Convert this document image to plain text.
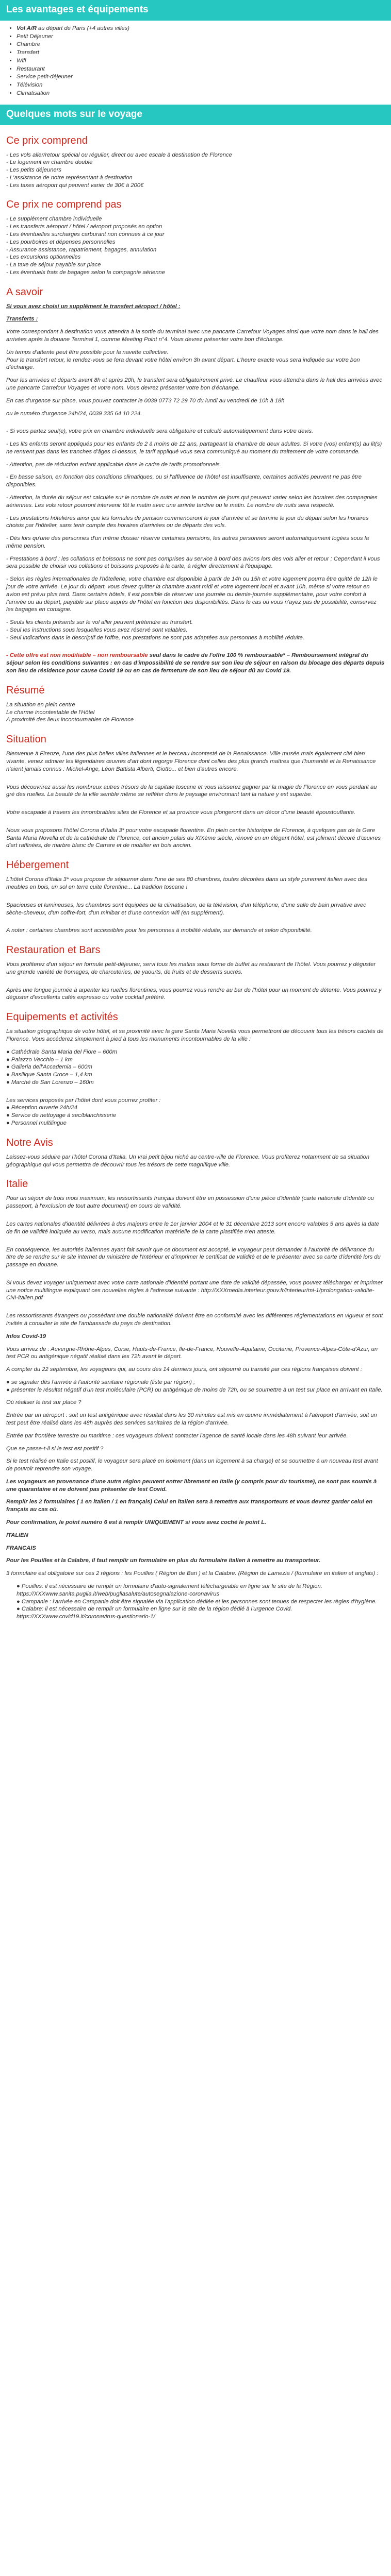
Les avantages et équipements
• Vol A/R au départ de Paris (+4 autres villes)
• Petit Déjeuner
• Chambre
• Transfert
• Wifi
• Restaurant
• Service petit-déjeuner
• Télévision
• Climatisation
Quelques mots sur le voyage
Ce prix comprend
- Les vols aller/retour spécial ou régulier, direct ou avec escale à destination de Florence
- Le logement en chambre double
- Les petits déjeuners
- L'assistance de notre représentant à destination
- Les taxes aéroport qui peuvent varier de 30€ à 200€
Ce prix ne comprend pas
- Le supplément chambre individuelle
- Les transferts aéroport / hôtel / aéroport proposés en option
- Les éventuelles surcharges carburant non connues à ce jour
- Les pourboires et dépenses personnelles
- Assurance assistance, rapatriement, bagages, annulation
- Les excursions optionnelles
- La taxe de séjour payable sur place
- Les éventuels frais de bagages selon la compagnie aérienne
A savoir

Si vous avez choisi un supplément le transfert aéroport / hôtel :

Transferts :

Votre correspondant à destination vous attendra à la sortie du terminal avec une pancarte Carrefour Voyages ainsi que votre nom dans le hall des arrivées après la douane Terminal 1, comme Meeting Point n°4. Vous devrez présenter votre bon d'échange.

Un temps d'attente peut être possible pour la navette collective.
Pour le transfert retour, le rendez-vous se fera devant votre hôtel environ 3h avant départ. L'heure exacte vous sera indiquée sur votre bon d'échange.

Pour les arrivées et départs avant 8h et après 20h, le transfert sera obligatoirement privé. Le chauffeur vous attendra dans le hall des arrivées avec une pancarte Carrefour Voyages et votre nom. Vous devrez présenter votre bon d'échange.

En cas d'urgence sur place, vous pouvez contacter le 0039 0773 72 29 70 du lundi au vendredi de 10h à 18h

ou le numéro d'urgence 24h/24, 0039 335 64 10 224.

- Si vous partez seul(e), votre prix en chambre individuelle sera obligatoire et calculé automatiquement dans votre devis.

- Les lits enfants seront appliqués pour les enfants de 2 à moins de 12 ans, partageant la chambre de deux adultes. Si votre (vos) enfant(s) au lit(s) ne rentrent pas dans les tranches d'âges ci-dessus, le tarif appliqué vous sera communiqué au moment du traitement de votre commande.

- Attention, pas de réduction enfant applicable dans le cadre de tarifs promotionnels.

- En basse saison, en fonction des conditions climatiques, ou si l'affluence de l'hôtel est insuffisante, certaines activités peuvent ne pas être disponibles.

- Attention, la durée du séjour est calculée sur le nombre de nuits et non le nombre de jours qui peuvent varier selon les horaires des compagnies aériennes. Les vols retour pourront intervenir tôt le matin avec une arrivée tardive ou le matin. Le nombre de nuits sera respecté.

- Les prestations hôtelières ainsi que les formules de pension commenceront le jour d'arrivée et se termine le jour du départ selon les horaires choisis par l'hôtelier, sans tenir compte des horaires d'arrivées ou de départs des vols.

- Dès lors qu'une des personnes d'un même dossier réserve certaines pensions, les autres personnes seront automatiquement logées sous la même pension.

- Prestations à bord : les collations et boissons ne sont pas comprises au service à bord des avions lors des vols aller et retour ; Cependant il vous sera possible de choisir vos collations et boissons proposés à la carte, à régler directement à l'équipage.

- Selon les règles internationales de l'hôtellerie, votre chambre est disponible à partir de 14h ou 15h et votre logement pourra être quitté de 12h le jour de votre arrivée. Le jour du départ, vous devez quitter la chambre avant midi et votre logement local et avant 10h, même si votre retour en avion est prévu plus tard. Dans certains hôtels, il est possible de réserver une journée ou demie-journée supplémentaire, pour votre confort à l'arrivée ou au départ, payable sur place auprès de l'hôtel en fonction des disponibilités. Dans le cas où vous n'ayez pas de possibilité, conservez les bagages en consigne.

- Seuls les clients présents sur le vol aller peuvent prétendre au transfert.
- Seul les instructions sous lesquelles vous avez réservé sont valables.
- Seul indications dans le descriptif de l'offre, nos prestations ne sont pas adaptées aux personnes à mobilité réduite.

- Cette offre est non modifiable – non remboursable seul dans le cadre de l'offre 100 % remboursable* – Remboursement intégral du séjour selon les conditions suivantes : en cas d'impossibilité de se rendre sur son lieu de séjour en raison du blocage des départs depuis son lieu de résidence pour cause Covid 19 ou en cas de fermeture de son lieu de séjour dû au Covid 19.

Résumé
La situation en plein centre
Le charme incontestable de l'Hôtel
A proximité des lieux incontournables de Florence
Situation

Bienvenue à Firenze, l'une des plus belles villes italiennes et le berceau incontesté de la Renaissance. Ville musée mais également cité bien vivante, venez admirer les légendaires œuvres d'art dont regorge Florence dont celles des plus grands maîtres que l'humanité et la Renaissance n'aient jamais connus : Michel-Ange, Léon Battista Alberti, Giotto... et bien d'autres encore.

Vous découvrirez aussi les nombreux autres trésors de la capitale toscane et vous laisserez gagner par la magie de Florence en vous perdant au gré des ruelles. La beauté de la ville semble même se refléter dans le paysage environnant tant la nature y est superbe.

Votre escapade à travers les innombrables sites de Florence et sa province vous plongeront dans un décor d'une beauté époustouflante.

Nous vous proposons l'hôtel Corona d'Italia 3* pour votre escapade florentine. En plein centre historique de Florence, à quelques pas de la Gare Santa Maria Novella et de la cathédrale de Florence, cet ancien palais du XIXème siècle, rénové en un élégant hôtel, est joliment décoré d'œuvres d'art raffinées, de marbre blanc de Carrare et de mobilier en bois ancien.

Hébergement

L'hôtel Corona d'Italia 3* vous propose de séjourner dans l'une de ses 80 chambres, toutes décorées dans un style purement italien avec des meubles en bois, un sol en terre cuite florentine... La tradition toscane !

Spacieuses et lumineuses, les chambres sont équipées de la climatisation, de la télévision, d'un téléphone, d'une salle de bain privative avec sèche-cheveux, d'un coffre-fort, d'un minibar et d'une connexion wifi (en supplément).

A noter : certaines chambres sont accessibles pour les personnes à mobilité réduite, sur demande et selon disponibilité.

Restauration et Bars

Vous profiterez d'un séjour en formule petit-déjeuner, servi tous les matins sous forme de buffet au restaurant de l'hôtel. Vous pourrez y déguster une grande variété de fromages, de charcuteries, de yaourts, de fruits et de desserts sucrés.

Après une longue journée à arpenter les ruelles florentines, vous pourrez vous rendre au bar de l'hôtel pour un moment de détente. Vous pourrez y déguster d'excellents cafés expresso ou votre cocktail préféré.

Equipements et activités

La situation géographique de votre hôtel, et sa proximité avec la gare Santa Maria Novella vous permettront de découvrir tous les trésors cachés de Florence. Vous accéderez simplement à pied à tous les monuments incontournables de la ville :

● Cathédrale Santa Maria del Fiore – 600m
● Palazzo Vecchio – 1 km
● Galleria dell'Accademia – 600m
● Basilique Santa Croce – 1,4 km
● Marché de San Lorenzo – 160m

Les services proposés par l'hôtel dont vous pourrez profiter :
● Réception ouverte 24h/24
● Service de nettoyage à sec/blanchisserie
● Personnel multilingue

Notre Avis

Laissez-vous séduire par l'hôtel Corona d'Italia. Un vrai petit bijou niché au centre-ville de Florence. Vous profiterez notamment de sa situation géographique qui vous permettra de découvrir tous les trésors de cette magnifique ville.

Italie

Pour un séjour de trois mois maximum, les ressortissants français doivent être en possession d'une pièce d'identité (carte nationale d'identité ou passeport, à l'exclusion de tout autre document) en cours de validité.

Les cartes nationales d'identité délivrées à des majeurs entre le 1er janvier 2004 et le 31 décembre 2013 sont encore valables 5 ans après la date de fin de validité indiquée au verso, mais aucune modification matérielle de la carte plastifiée n'en atteste.

En conséquence, les autorités italiennes ayant fait savoir que ce document est accepté, le voyageur peut demander à l'autorité de délivrance du titre de se rendre sur le site internet du ministère de l'Intérieur et d'imprimer le certificat de validité et de le présenter avec sa carte d'identité lors du passage en douane.

Si vous devez voyager uniquement avec votre carte nationale d'identité portant une date de validité dépassée, vous pouvez télécharger et imprimer une notice multilingue expliquant ces nouvelles règles à l'adresse suivante : http://XXXmedia.interieur.gouv.fr/interieur/mi-1/prolongation-validite-CNI-italien.pdf

Les ressortissants étrangers ou possédant une double nationalité doivent être en conformité avec les différentes réglementations en vigueur et sont invités à consulter le site de l'ambassade du pays de destination.

Infos Covid-19

Vous arrivez de : Auvergne-Rhône-Alpes, Corse, Hauts-de-France, Ile-de-France, Nouvelle-Aquitaine, Occitanie, Provence-Alpes-Côte-d'Azur, un test PCR ou antigénique négatif réalisé dans les 72h avant le départ.

A compter du 22 septembre, les voyageurs qui, au cours des 14 derniers jours, ont séjourné ou transité par ces régions françaises doivent :

● se signaler dès l'arrivée à l'autorité sanitaire régionale (liste par région) ;
● présenter le résultat négatif d'un test moléculaire (PCR) ou antigénique de moins de 72h, ou se soumettre à un test sur place en arrivant en Italie.

Où réaliser le test sur place ?

Entrée par un aéroport : soit un test antigénique avec résultat dans les 30 minutes est mis en œuvre immédiatement à l'aéroport d'arrivée, soit un test peut être réalisé dans les 48h auprès des services sanitaires de la région d'arrivée.

Entrée par frontière terrestre ou maritime : ces voyageurs doivent contacter l'agence de santé locale dans les 48h suivant leur arrivée.

Que se passe-t-il si le test est positif ?

Si le test réalisé en Italie est positif, le voyageur sera placé en isolement (dans un logement à sa charge) et se soumettre à un nouveau test avant de pouvoir reprendre son voyage.

Les voyageurs en provenance d'une autre région peuvent entrer librement en Italie (y compris pour du tourisme), ne sont pas soumis à une quarantaine et ne doivent pas présenter de test Covid.

Remplir les 2 formulaires ( 1 en italien / 1 en français) Celui en italien sera à remettre aux transporteurs et vous devrez garder celui en français au cas où.

Pour confirmation, le point numéro 6 est à remplir UNIQUEMENT si vous avez coché le point L.

ITALIEN

FRANCAIS

Pour les Pouilles et la Calabre, il faut remplir un formulaire en plus du formulaire italien à remettre au transporteur.

3 formulaire est obligatoire sur ces 2 régions : les Pouilles ( Région de Bari ) et la Calabre. (Région de Lamezia / (formulaire en italien et anglais) :

● Pouilles: il est nécessaire de remplir un formulaire d'auto-signalement téléchargeable en ligne sur le site de la Région.
https://XXXwww.sanita.puglia.it/web/pugliasalute/autosegnalazione-coronavirus
● Campanie : l'arrivée en Campanie doit être signalée via l'application dédiée et les personnes sont tenues de respecter les règles d'hygiène.
● Calabre: il est nécessaire de remplir un formulaire en ligne sur le site de la région dédié à l'urgence Covid.
https://XXXwww.covid19.it/coronavirus-questionario-1/
